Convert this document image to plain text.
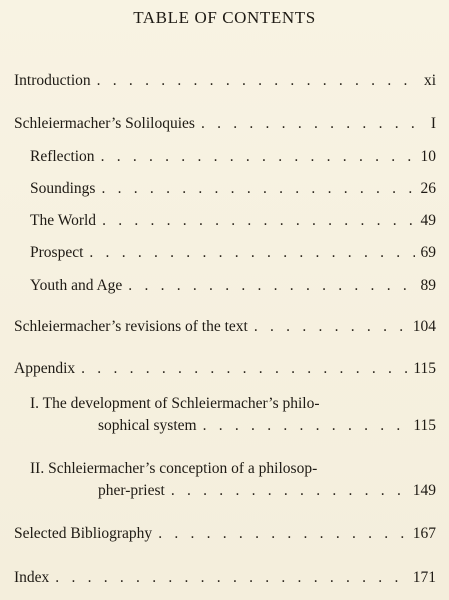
TABLE OF CONTENTS
Introduction . . .	xi
Schleiermacher’s Soliloquies . . .	I
Reflection . . .	10
Soundings . . .	26
The World . . .	49
Prospect . . .	69
Youth and Age . . .	89
Schleiermacher’s revisions of the text . . .	104
Appendix . . .	115
I. The development of Schleiermacher’s philo-
sophical system . . .	115
II. Schleiermacher’s conception of a philosop-
pher-priest . . .	149
Selected Bibliography . . .	167
Index . . .	171
